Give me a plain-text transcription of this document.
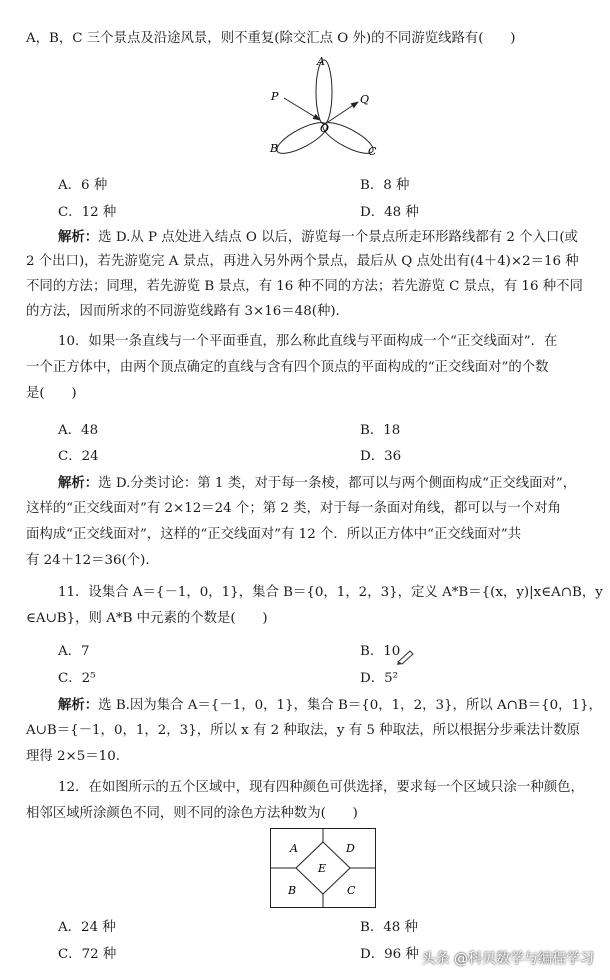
A，B，C 三个景点及沿途风景，则不重复(除交汇点 O 外)的不同游览线路有(　　)
A
P	Q
O
B	C
A．6 种	B．8 种
C．12 种	D．48 种
解析：选 D.从 P 点处进入结点 O 以后，游览每一个景点所走环形路线都有 2 个入口(或
2 个出口)，若先游览完 A 景点，再进入另外两个景点，最后从 Q 点处出有(4＋4)×2＝16 种
不同的方法；同理，若先游览 B 景点，有 16 种不同的方法；若先游览 C 景点，有 16 种不同
的方法，因而所求的不同游览线路有 3×16＝48(种).
10．如果一条直线与一个平面垂直，那么称此直线与平面构成一个“正交线面对”．在
一个正方体中，由两个顶点确定的直线与含有四个顶点的平面构成的“正交线面对”的个数
是(　　)
A．48	B．18
C．24	D．36
解析：选 D.分类讨论：第 1 类，对于每一条棱，都可以与两个侧面构成“正交线面对”，
这样的“正交线面对”有 2×12＝24 个；第 2 类，对于每一条面对角线，都可以与一个对角
面构成“正交线面对”，这样的“正交线面对”有 12 个．所以正方体中“正交线面对”共
有 24＋12＝36(个).
11．设集合 A＝{－1，0，1}，集合 B＝{0，1，2，3}，定义 A*B＝{(x，y)|x∈A∩B，y
∈A∪B}，则 A*B 中元素的个数是(　　)
A．7	B．10
C．2⁵	D．5²
解析：选 B.因为集合 A＝{－1，0，1}，集合 B＝{0，1，2，3}，所以 A∩B＝{0，1}，
A∪B＝{－1，0，1，2，3}，所以 x 有 2 种取法，y 有 5 种取法，所以根据分步乘法计数原
理得 2×5＝10.
12．在如图所示的五个区域中，现有四种颜色可供选择，要求每一个区域只涂一种颜色，
相邻区域所涂颜色不同，则不同的涂色方法种数为(　　)
A	D
E
B	C
A．24 种	B．48 种
C．72 种	D．96 种 头条 @科贝数学与编程学习
